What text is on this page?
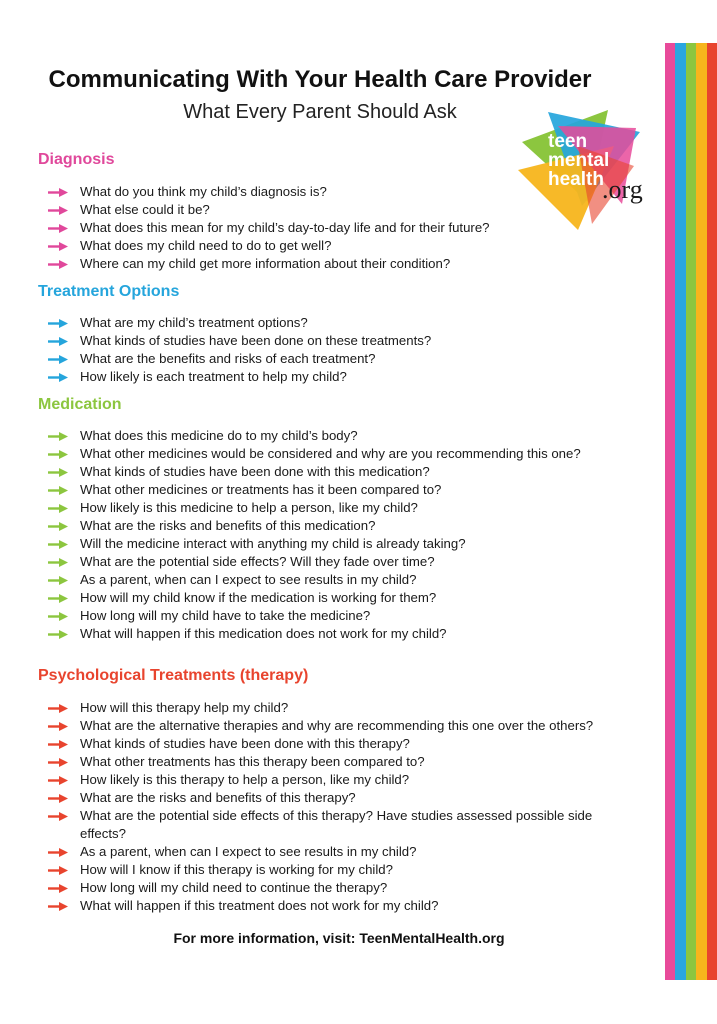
Communicating With Your Health Care Provider
What Every Parent Should Ask
teen
mental
health
.org
Diagnosis
What do you think my child’s diagnosis is?
What else could it be?
What does this mean for my child’s day-to-day life and for their future?
What does my child need to do to get well?
Where can my child get more information about their condition?
Treatment Options
What are my child’s treatment options?
What kinds of studies have been done on these treatments?
What are the benefits and risks of each treatment?
How likely is each treatment to help my child?
Medication
What does this medicine do to my child’s body?
What other medicines would be considered and why are you recommending this one?
What kinds of studies have been done with this medication?
What other medicines or treatments has it been compared to?
How likely is this medicine to help a person, like my child?
What are the risks and benefits of this medication?
Will the medicine interact with anything my child is already taking?
What are the potential side effects? Will they fade over time?
As a parent, when can I expect to see results in my child?
How will my child know if the medication is working for them?
How long will my child have to take the medicine?
What will happen if this medication does not work for my child?
Psychological Treatments (therapy)
How will this therapy help my child?
What are the alternative therapies and why are recommending this one over the others?
What kinds of studies have been done with this therapy?
What other treatments has this therapy been compared to?
How likely is this therapy to help a person, like my child?
What are the risks and benefits of this therapy?
What are the potential side effects of this therapy? Have studies assessed possible side effects?
As a parent, when can I expect to see results in my child?
How will I know if this therapy is working for my child?
How long will my child need to continue the therapy?
What will happen if this treatment does not work for my child?
For more information, visit: TeenMentalHealth.org
